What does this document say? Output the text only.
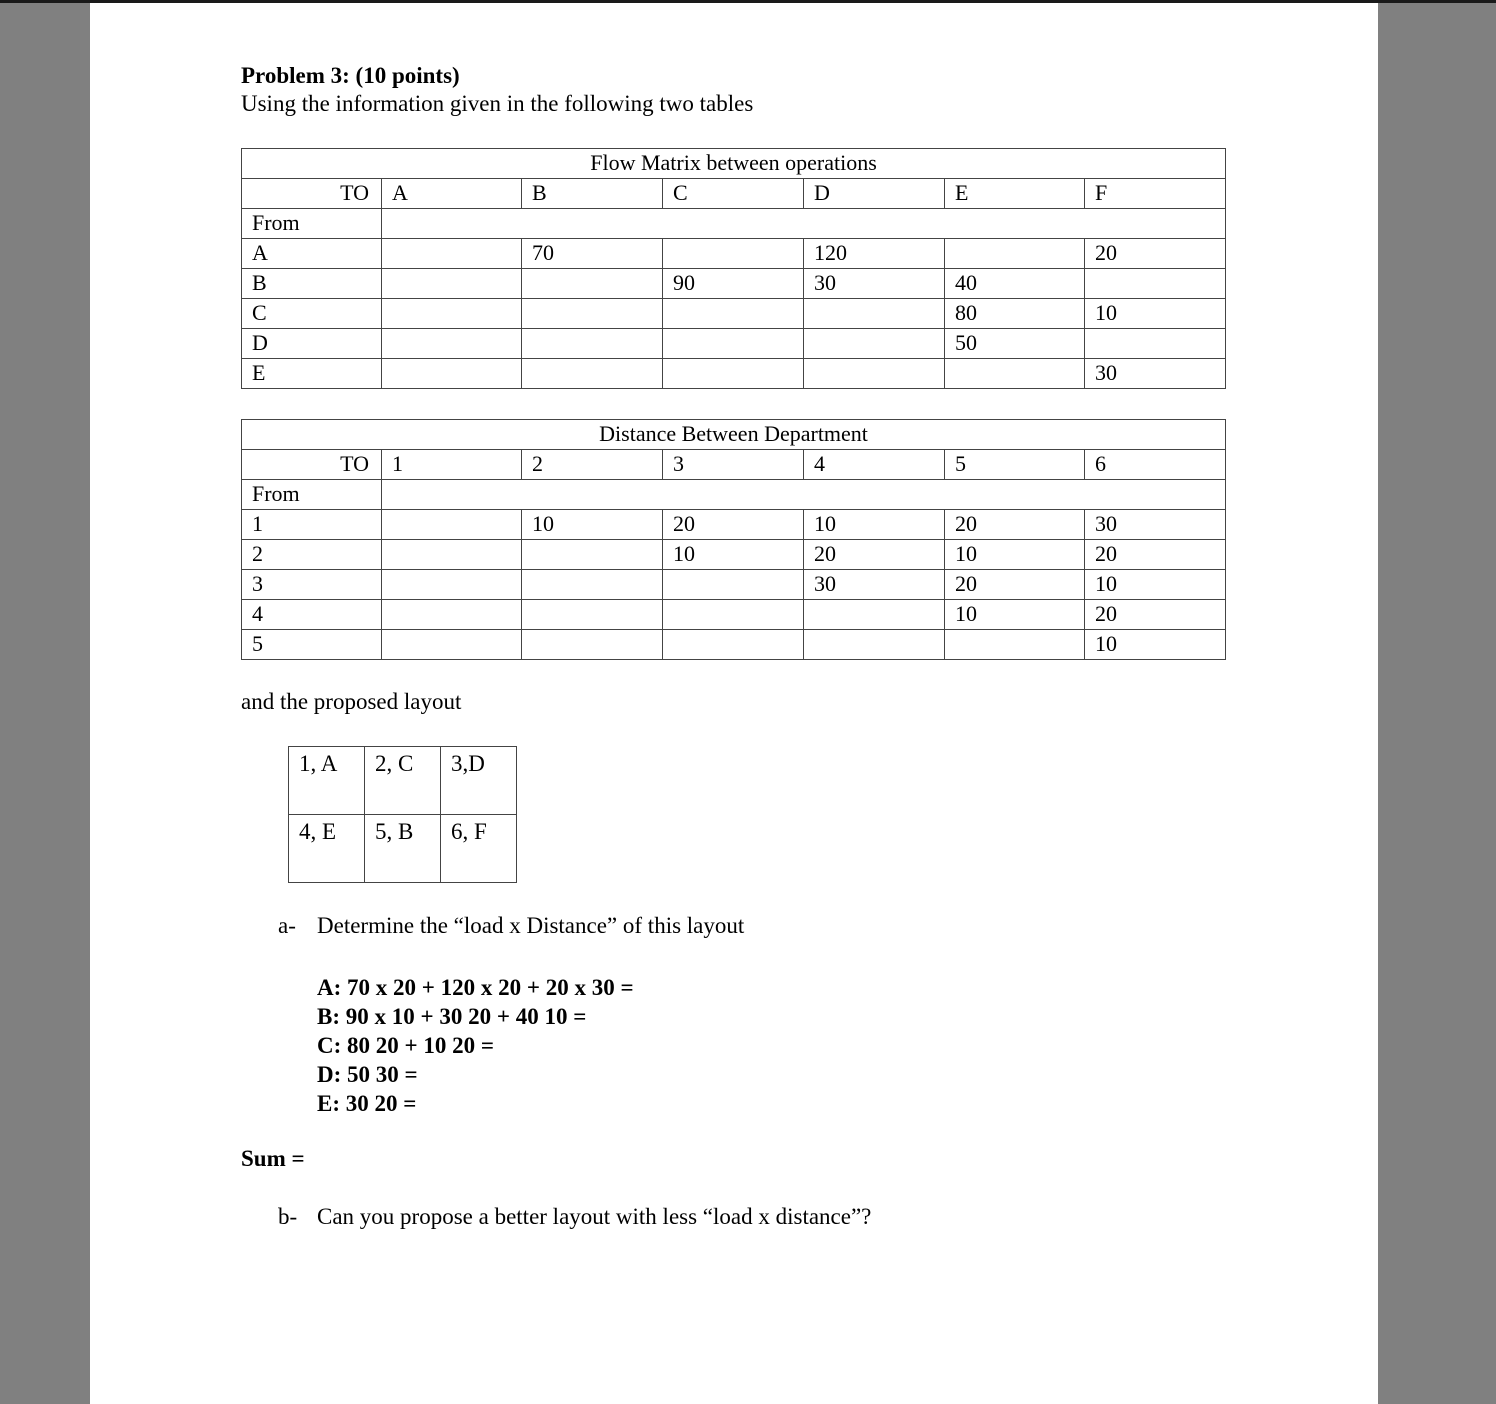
Problem 3: (10 points)
Using the information given in the following two tables
Flow Matrix between operations						
TO	A	B	C	D	E	F
From						
A		70		120		20
B			90	30	40	
C					80	10
D					50	
E						30
Distance Between Department						
TO	1	2	3	4	5	6
From						
1		10	20	10	20	30
2			10	20	10	20
3				30	20	10
4					10	20
5						10
and the proposed layout
1, A	2, C	3,D
4, E	5, B	6, F
a- Determine the “load x Distance” of this layout
A: 70 x 20 + 120 x 20 + 20 x 30 =
B: 90 x 10 + 30 20 + 40 10 =
C: 80 20 + 10 20 =
D: 50 30 =
E: 30 20 =
Sum =
b- Can you propose a better layout with less “load x distance”?
